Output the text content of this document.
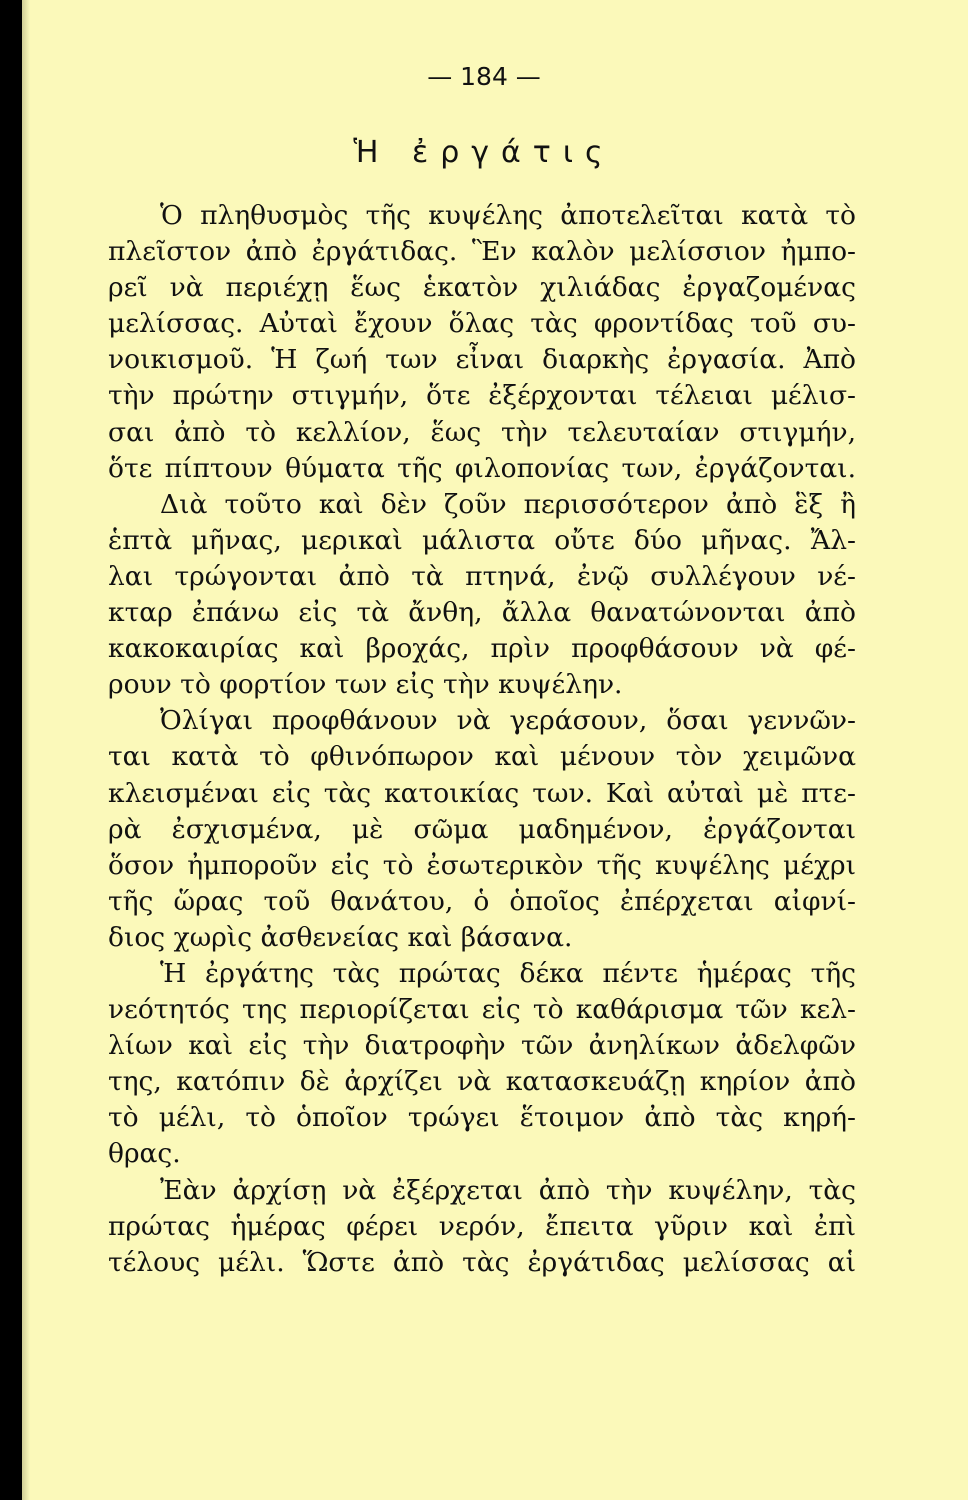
— 184 —
Ἡ ἐργάτις
Ὁ πληθυσμὸς τῆς κυψέλης ἀποτελεῖται κατὰ τὸ
πλεῖστον ἀπὸ ἐργάτιδας. Ἓν καλὸν μελίσσιον ἠμπο-
ρεῖ νὰ περιέχῃ ἕως ἑκατὸν χιλιάδας ἐργαζομένας
μελίσσας. Αὐταὶ ἔχουν ὅλας τὰς φροντίδας τοῦ συ-
νοικισμοῦ. Ἡ ζωή των εἶναι διαρκὴς ἐργασία. Ἀπὸ
τὴν πρώτην στιγμήν, ὅτε ἐξέρχονται τέλειαι μέλισ-
σαι ἀπὸ τὸ κελλίον, ἕως τὴν τελευταίαν στιγμήν,
ὅτε πίπτουν θύματα τῆς φιλοπονίας των, ἐργάζονται.
Διὰ τοῦτο καὶ δὲν ζοῦν περισσότερον ἀπὸ ἓξ ἢ
ἑπτὰ μῆνας, μερικαὶ μάλιστα οὔτε δύο μῆνας. Ἄλ-
λαι τρώγονται ἀπὸ τὰ πτηνά, ἐνῷ συλλέγουν νέ-
κταρ ἐπάνω εἰς τὰ ἄνθη, ἄλλα θανατώνονται ἀπὸ
κακοκαιρίας καὶ βροχάς, πρὶν προφθάσουν νὰ φέ-
ρουν τὸ φορτίον των εἰς τὴν κυψέλην.
Ὀλίγαι προφθάνουν νὰ γεράσουν, ὅσαι γεννῶν-
ται κατὰ τὸ φθινόπωρον καὶ μένουν τὸν χειμῶνα
κλεισμέναι εἰς τὰς κατοικίας των. Καὶ αὐταὶ μὲ πτε-
ρὰ ἐσχισμένα, μὲ σῶμα μαδημένον, ἐργάζονται
ὅσον ἠμποροῦν εἰς τὸ ἐσωτερικὸν τῆς κυψέλης μέχρι
τῆς ὥρας τοῦ θανάτου, ὁ ὁποῖος ἐπέρχεται αἰφνί-
διος χωρὶς ἀσθενείας καὶ βάσανα.
Ἡ ἐργάτης τὰς πρώτας δέκα πέντε ἡμέρας τῆς
νεότητός της περιορίζεται εἰς τὸ καθάρισμα τῶν κελ-
λίων καὶ εἰς τὴν διατροφὴν τῶν ἀνηλίκων ἀδελφῶν
της, κατόπιν δὲ ἀρχίζει νὰ κατασκευάζῃ κηρίον ἀπὸ
τὸ μέλι, τὸ ὁποῖον τρώγει ἕτοιμον ἀπὸ τὰς κηρή-
θρας.
Ἐὰν ἀρχίσῃ νὰ ἐξέρχεται ἀπὸ τὴν κυψέλην, τὰς
πρώτας ἡμέρας φέρει νερόν, ἔπειτα γῦριν καὶ ἐπὶ
τέλους μέλι. Ὥστε ἀπὸ τὰς ἐργάτιδας μελίσσας αἱ
